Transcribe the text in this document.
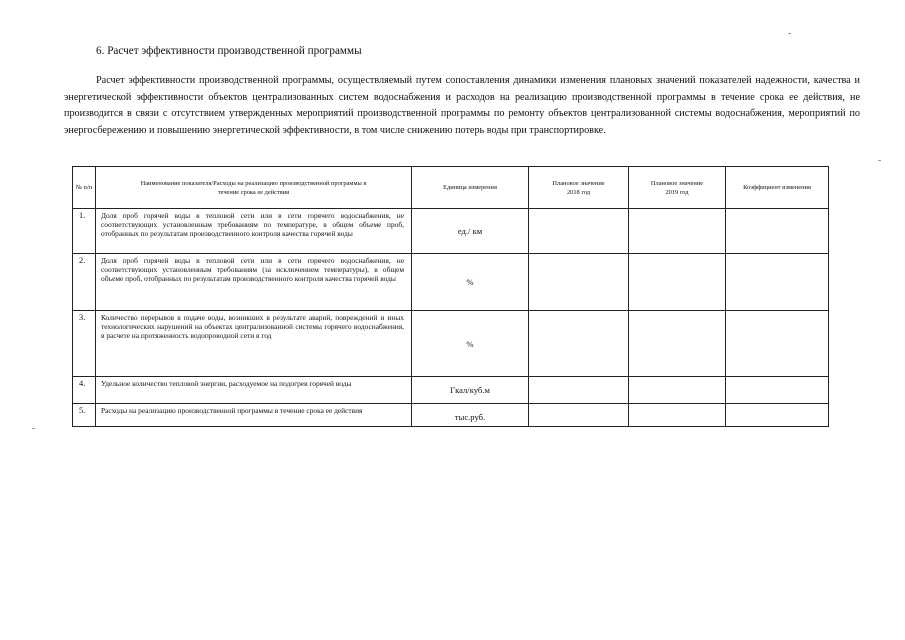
6. Расчет эффективности производственной программы
Расчет эффективности производственной программы, осуществляемый путем сопоставления динамики изменения плановых значений показателей надежности, качества и энергетической эффективности объектов централизованных систем водоснабжения и расходов на реализацию производственной программы в течение срока ее действия, не производится в связи с отсутствием утвержденных мероприятий производственной программы по ремонту объектов централизованной системы водоснабжения, мероприятий по энергосбережению и повышению энергетической эффективности, в том числе снижению потерь воды при транспортировке.
№ п/п	Наименование показателя/Расходы на реализацию производственной программы в течение срока ее действия	Единица измерения	Плановое значение 2018 год	Плановое значение 2019 год	Коэффициент изменения
1.	Доля проб горячей воды в тепловой сети или в сети горячего водоснабжения, не соответствующих установленным требованиям по температуре, в общем объеме проб, отобранных по результатам производственного контроля качества горячей воды	ед./ км			
2.	Доля проб горячей воды в тепловой сети или в сети горячего водоснабжения, не соответствующих установленным требованиям (за исключением температуры), в общем объеме проб, отобранных по результатам производственного контроля качества горячей воды	%			
3.	Количество перерывов в подаче воды, возникших в результате аварий, повреждений и иных технологических нарушений на объектах централизованной системы горячего водоснабжения, в расчете на протяженность водопроводной сети в год	%			
4.	Удельное количество тепловой энергии, расходуемое на подогрев горячей воды	Гкал/куб.м			
5.	Расходы на реализацию производственной программы в течение срока ее действия	тыс.руб.			
